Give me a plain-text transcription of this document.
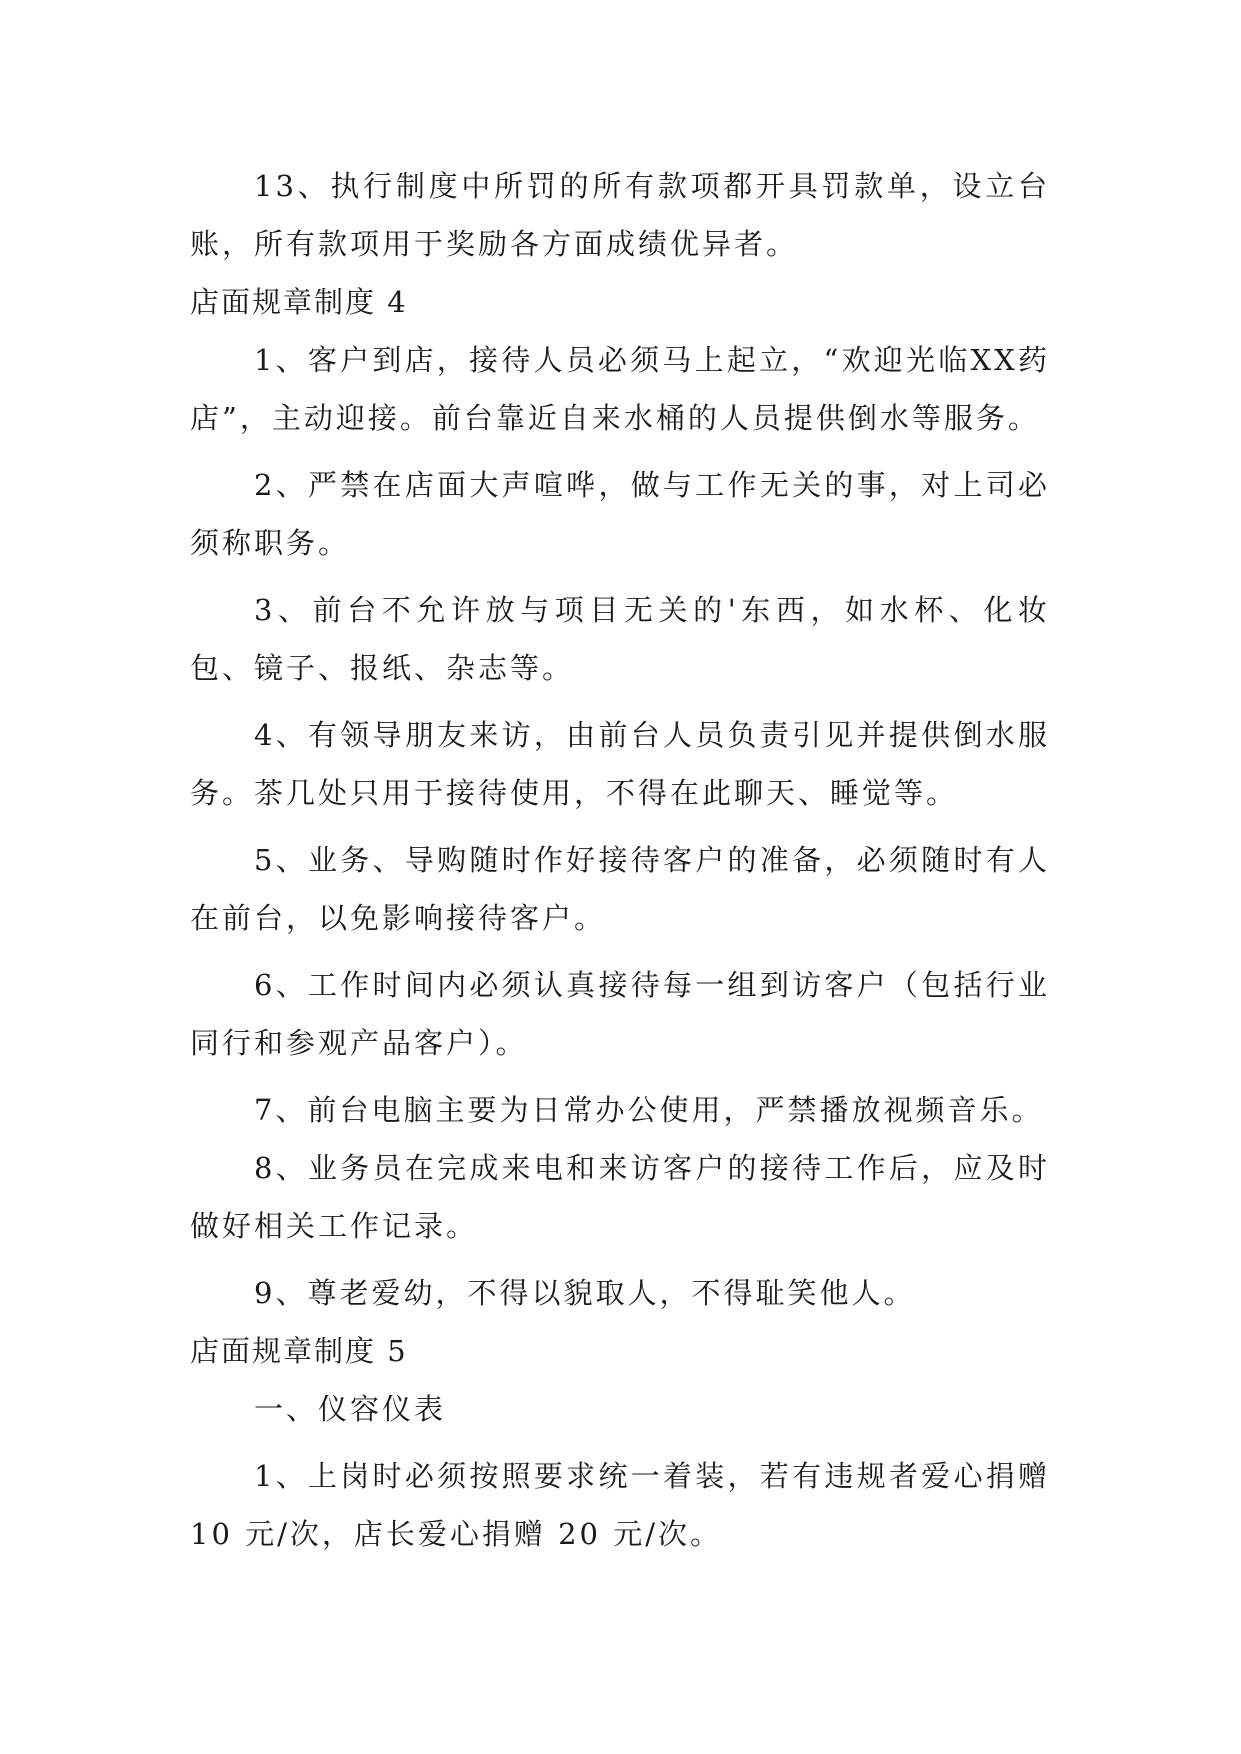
13、执行制度中所罚的所有款项都开具罚款单，设立台账，所有款项用于奖励各方面成绩优异者。

店面规章制度 4

1、客户到店，接待人员必须马上起立，“欢迎光临XX药店”，主动迎接。前台靠近自来水桶的人员提供倒水等服务。

2、严禁在店面大声喧哗，做与工作无关的事，对上司必须称职务。

3、前台不允许放与项目无关的'东西，如水杯、化妆包、镜子、报纸、杂志等。

4、有领导朋友来访，由前台人员负责引见并提供倒水服务。茶几处只用于接待使用，不得在此聊天、睡觉等。

5、业务、导购随时作好接待客户的准备，必须随时有人在前台，以免影响接待客户。

6、工作时间内必须认真接待每一组到访客户（包括行业同行和参观产品客户）。

7、前台电脑主要为日常办公使用，严禁播放视频音乐。

8、业务员在完成来电和来访客户的接待工作后，应及时做好相关工作记录。

9、尊老爱幼，不得以貌取人，不得耻笑他人。

店面规章制度 5

一、仪容仪表

1、上岗时必须按照要求统一着装，若有违规者爱心捐赠 10 元/次，店长爱心捐赠 20 元/次。
